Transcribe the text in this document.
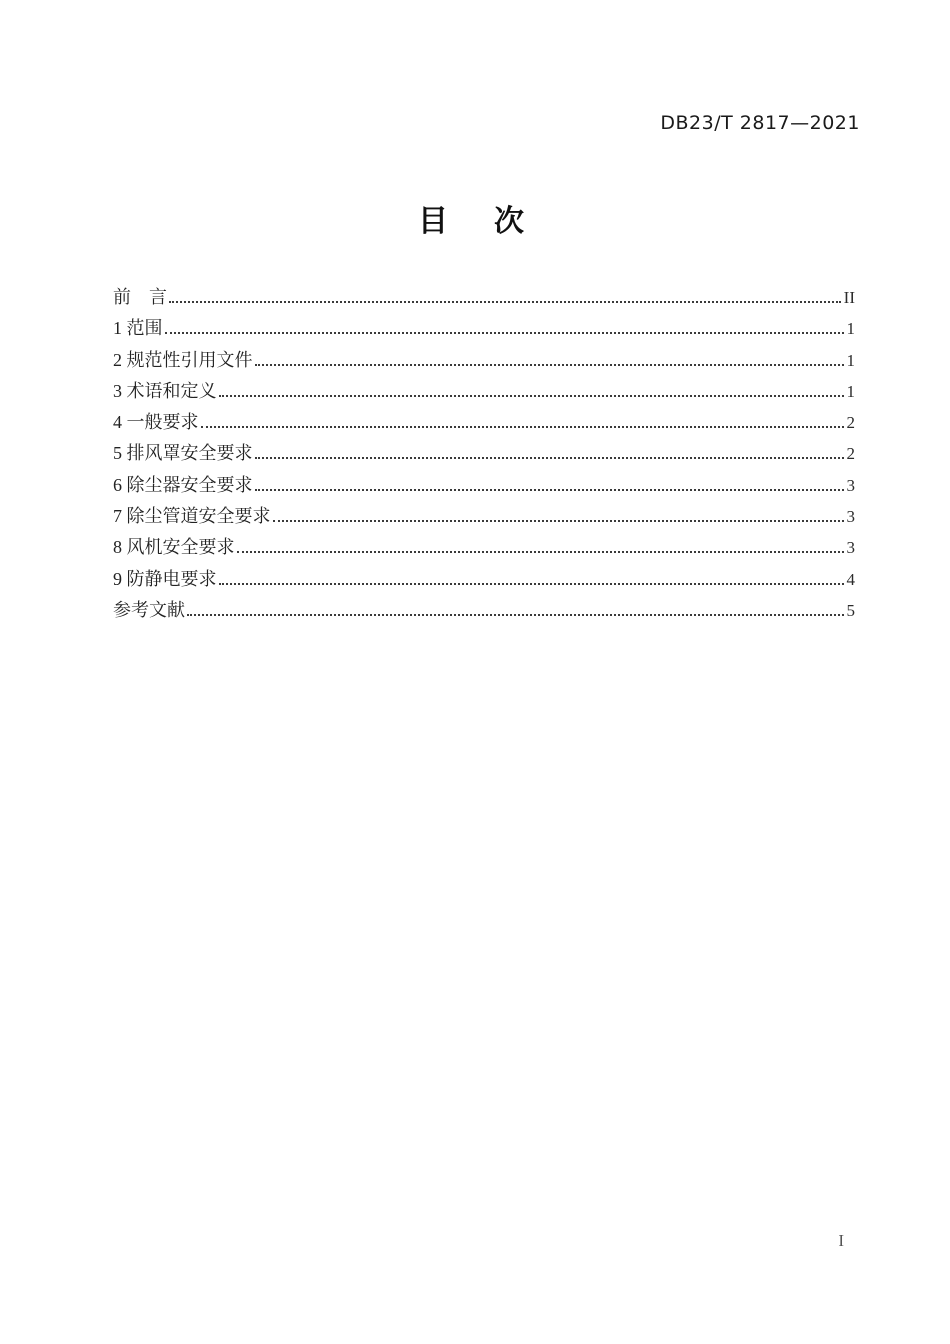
DB23/T 2817—2021
目　次
前　言	II
1 范围	1
2 规范性引用文件	1
3 术语和定义	1
4 一般要求	2
5 排风罩安全要求	2
6 除尘器安全要求	3
7 除尘管道安全要求	3
8 风机安全要求	3
9 防静电要求	4
参考文献	5
I
